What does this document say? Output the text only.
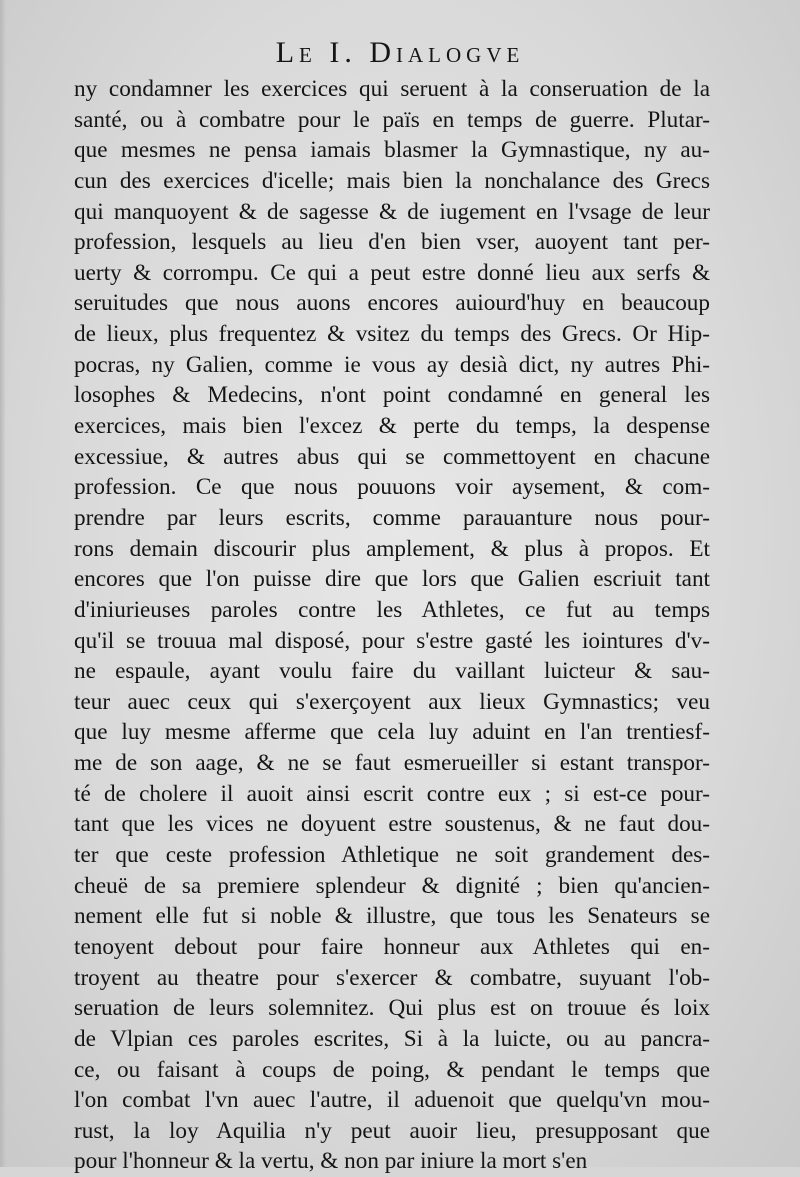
Le I. Dialogve
ny condamner les exercices qui seruent à la conseruation de la
santé, ou à combatre pour le païs en temps de guerre. Plutar-
que mesmes ne pensa iamais blasmer la Gymnastique, ny au-
cun des exercices d'icelle; mais bien la nonchalance des Grecs
qui manquoyent & de sagesse & de iugement en l'vsage de leur
profession, lesquels au lieu d'en bien vser, auoyent tant per-
uerty & corrompu. Ce qui a peut estre donné lieu aux serfs &
seruitudes que nous auons encores auiourd'huy en beaucoup
de lieux, plus frequentez & vsitez du temps des Grecs. Or Hip-
pocras, ny Galien, comme ie vous ay desià dict, ny autres Phi-
losophes & Medecins, n'ont point condamné en general les
exercices, mais bien l'excez & perte du temps, la despense
excessiue, & autres abus qui se commettoyent en chacune
profession. Ce que nous pouuons voir aysement, & com-
prendre par leurs escrits, comme parauanture nous pour-
rons demain discourir plus amplement, & plus à propos. Et
encores que l'on puisse dire que lors que Galien escriuit tant
d'iniurieuses paroles contre les Athletes, ce fut au temps
qu'il se trouua mal disposé, pour s'estre gasté les iointures d'v-
ne espaule, ayant voulu faire du vaillant luicteur & sau-
teur auec ceux qui s'exerçoyent aux lieux Gymnastics; veu
que luy mesme afferme que cela luy aduint en l'an trentiesf-
me de son aage, & ne se faut esmerueiller si estant transpor-
té de cholere il auoit ainsi escrit contre eux ; si est-ce pour-
tant que les vices ne doyuent estre soustenus, & ne faut dou-
ter que ceste profession Athletique ne soit grandement des-
cheuë de sa premiere splendeur & dignité ; bien qu'ancien-
nement elle fut si noble & illustre, que tous les Senateurs se
tenoyent debout pour faire honneur aux Athletes qui en-
troyent au theatre pour s'exercer & combatre, suyuant l'ob-
seruation de leurs solemnitez. Qui plus est on trouue és loix
de Vlpian ces paroles escrites, Si à la luicte, ou au pancra-
ce, ou faisant à coups de poing, & pendant le temps que
l'on combat l'vn auec l'autre, il aduenoit que quelqu'vn mou-
rust, la loy Aquilia n'y peut auoir lieu, presupposant que
pour l'honneur & la vertu, & non par iniure la mort s'en
